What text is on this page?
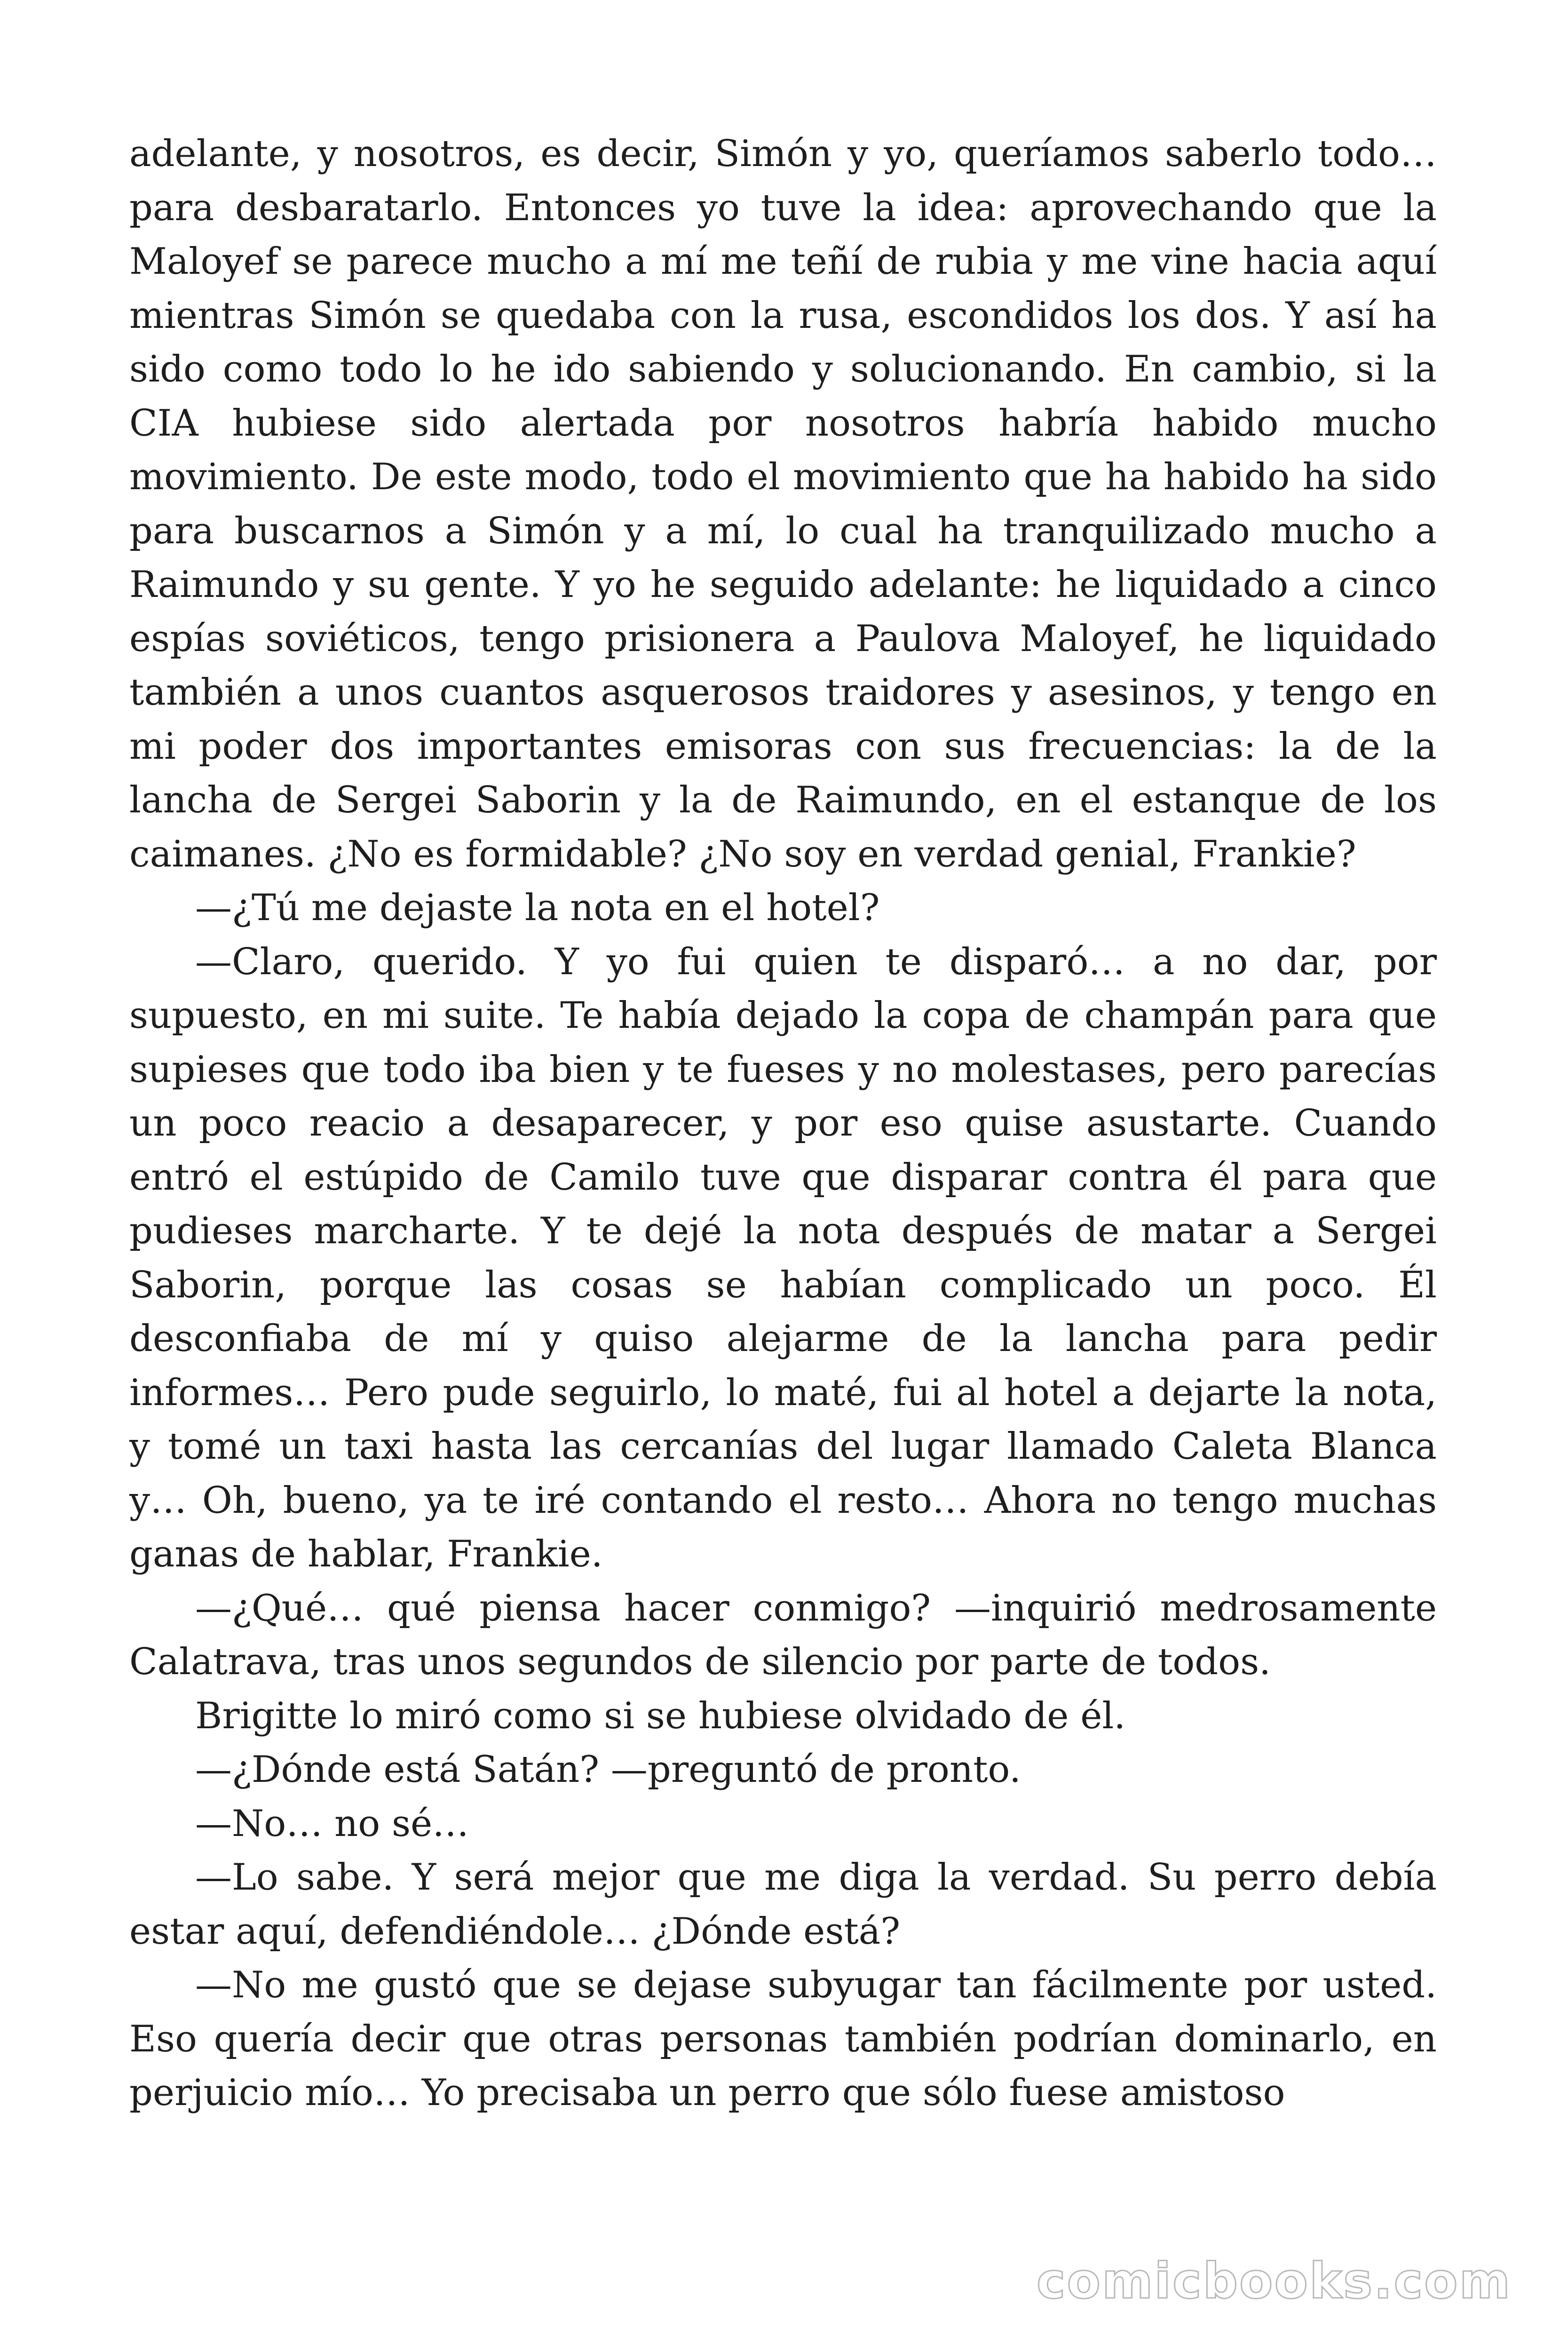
adelante, y nosotros, es decir, Simón y yo, queríamos saberlo todo… para desbaratarlo. Entonces yo tuve la idea: aprovechando que la Maloyef se parece mucho a mí me teñí de rubia y me vine hacia aquí mientras Simón se quedaba con la rusa, escondidos los dos. Y así ha sido como todo lo he ido sabiendo y solucionando. En cambio, si la CIA hubiese sido alertada por nosotros habría habido mucho movimiento. De este modo, todo el movimiento que ha habido ha sido para buscarnos a Simón y a mí, lo cual ha tranquilizado mucho a Raimundo y su gente. Y yo he seguido adelante: he liquidado a cinco espías soviéticos, tengo prisionera a Paulova Maloyef, he liquidado también a unos cuantos asquerosos traidores y asesinos, y tengo en mi poder dos importantes emisoras con sus frecuencias: la de la lancha de Sergei Saborin y la de Raimundo, en el estanque de los caimanes. ¿No es formidable? ¿No soy en verdad genial, Frankie?

—¿Tú me dejaste la nota en el hotel?

—Claro, querido. Y yo fui quien te disparó… a no dar, por supuesto, en mi suite. Te había dejado la copa de champán para que supieses que todo iba bien y te fueses y no molestases, pero parecías un poco reacio a desaparecer, y por eso quise asustarte. Cuando entró el estúpido de Camilo tuve que disparar contra él para que pudieses marcharte. Y te dejé la nota después de matar a Sergei Saborin, porque las cosas se habían complicado un poco. Él desconfiaba de mí y quiso alejarme de la lancha para pedir informes… Pero pude seguirlo, lo maté, fui al hotel a dejarte la nota, y tomé un taxi hasta las cercanías del lugar llamado Caleta Blanca y… Oh, bueno, ya te iré contando el resto… Ahora no tengo muchas ganas de hablar, Frankie.

—¿Qué… qué piensa hacer conmigo? —inquirió medrosamente Calatrava, tras unos segundos de silencio por parte de todos.

Brigitte lo miró como si se hubiese olvidado de él.

—¿Dónde está Satán? —preguntó de pronto.

—No… no sé…

—Lo sabe. Y será mejor que me diga la verdad. Su perro debía estar aquí, defendiéndole… ¿Dónde está?

—No me gustó que se dejase subyugar tan fácilmente por usted. Eso quería decir que otras personas también podrían dominarlo, en perjuicio mío… Yo precisaba un perro que sólo fuese amistoso

comicbooks.com
